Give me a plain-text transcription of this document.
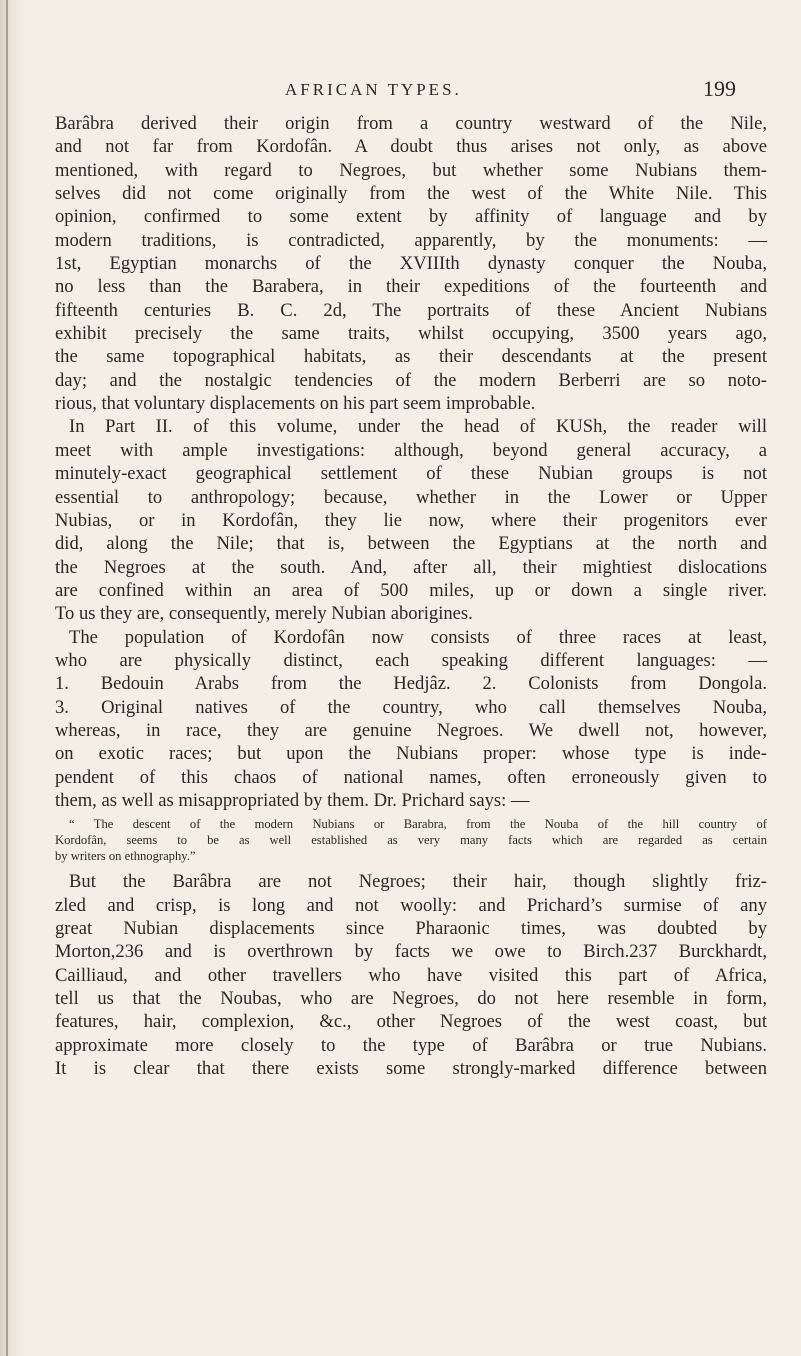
AFRICAN TYPES.	199
Barâbra derived their origin from a country westward of the Nile,
and not far from Kordofân. A doubt thus arises not only, as above
mentioned, with regard to Negroes, but whether some Nubians them-
selves did not come originally from the west of the White Nile. This
opinion, confirmed to some extent by affinity of language and by
modern traditions, is contradicted, apparently, by the monuments: —
1st, Egyptian monarchs of the XVIIIth dynasty conquer the Nouba,
no less than the Barabera, in their expeditions of the fourteenth and
fifteenth centuries B. C. 2d, The portraits of these Ancient Nubians
exhibit precisely the same traits, whilst occupying, 3500 years ago,
the same topographical habitats, as their descendants at the present
day; and the nostalgic tendencies of the modern Berberri are so noto-
rious, that voluntary displacements on his part seem improbable.
In Part II. of this volume, under the head of KUSh, the reader will
meet with ample investigations: although, beyond general accuracy, a
minutely-exact geographical settlement of these Nubian groups is not
essential to anthropology; because, whether in the Lower or Upper
Nubias, or in Kordofân, they lie now, where their progenitors ever
did, along the Nile; that is, between the Egyptians at the north and
the Negroes at the south. And, after all, their mightiest dislocations
are confined within an area of 500 miles, up or down a single river.
To us they are, consequently, merely Nubian aborigines.
The population of Kordofân now consists of three races at least,
who are physically distinct, each speaking different languages: —
1. Bedouin Arabs from the Hedjâz. 2. Colonists from Dongola.
3. Original natives of the country, who call themselves Nouba,
whereas, in race, they are genuine Negroes. We dwell not, however,
on exotic races; but upon the Nubians proper: whose type is inde-
pendent of this chaos of national names, often erroneously given to
them, as well as misappropriated by them. Dr. Prichard says: —
“ The descent of the modern Nubians or Barabra, from the Nouba of the hill country of
Kordofân, seems to be as well established as very many facts which are regarded as certain
by writers on ethnography.”
But the Barâbra are not Negroes; their hair, though slightly friz-
zled and crisp, is long and not woolly: and Prichard’s surmise of any
great Nubian displacements since Pharaonic times, was doubted by
Morton,236 and is overthrown by facts we owe to Birch.237 Burckhardt,
Cailliaud, and other travellers who have visited this part of Africa,
tell us that the Noubas, who are Negroes, do not here resemble in form,
features, hair, complexion, &c., other Negroes of the west coast, but
approximate more closely to the type of Barâbra or true Nubians.
It is clear that there exists some strongly-marked difference between
